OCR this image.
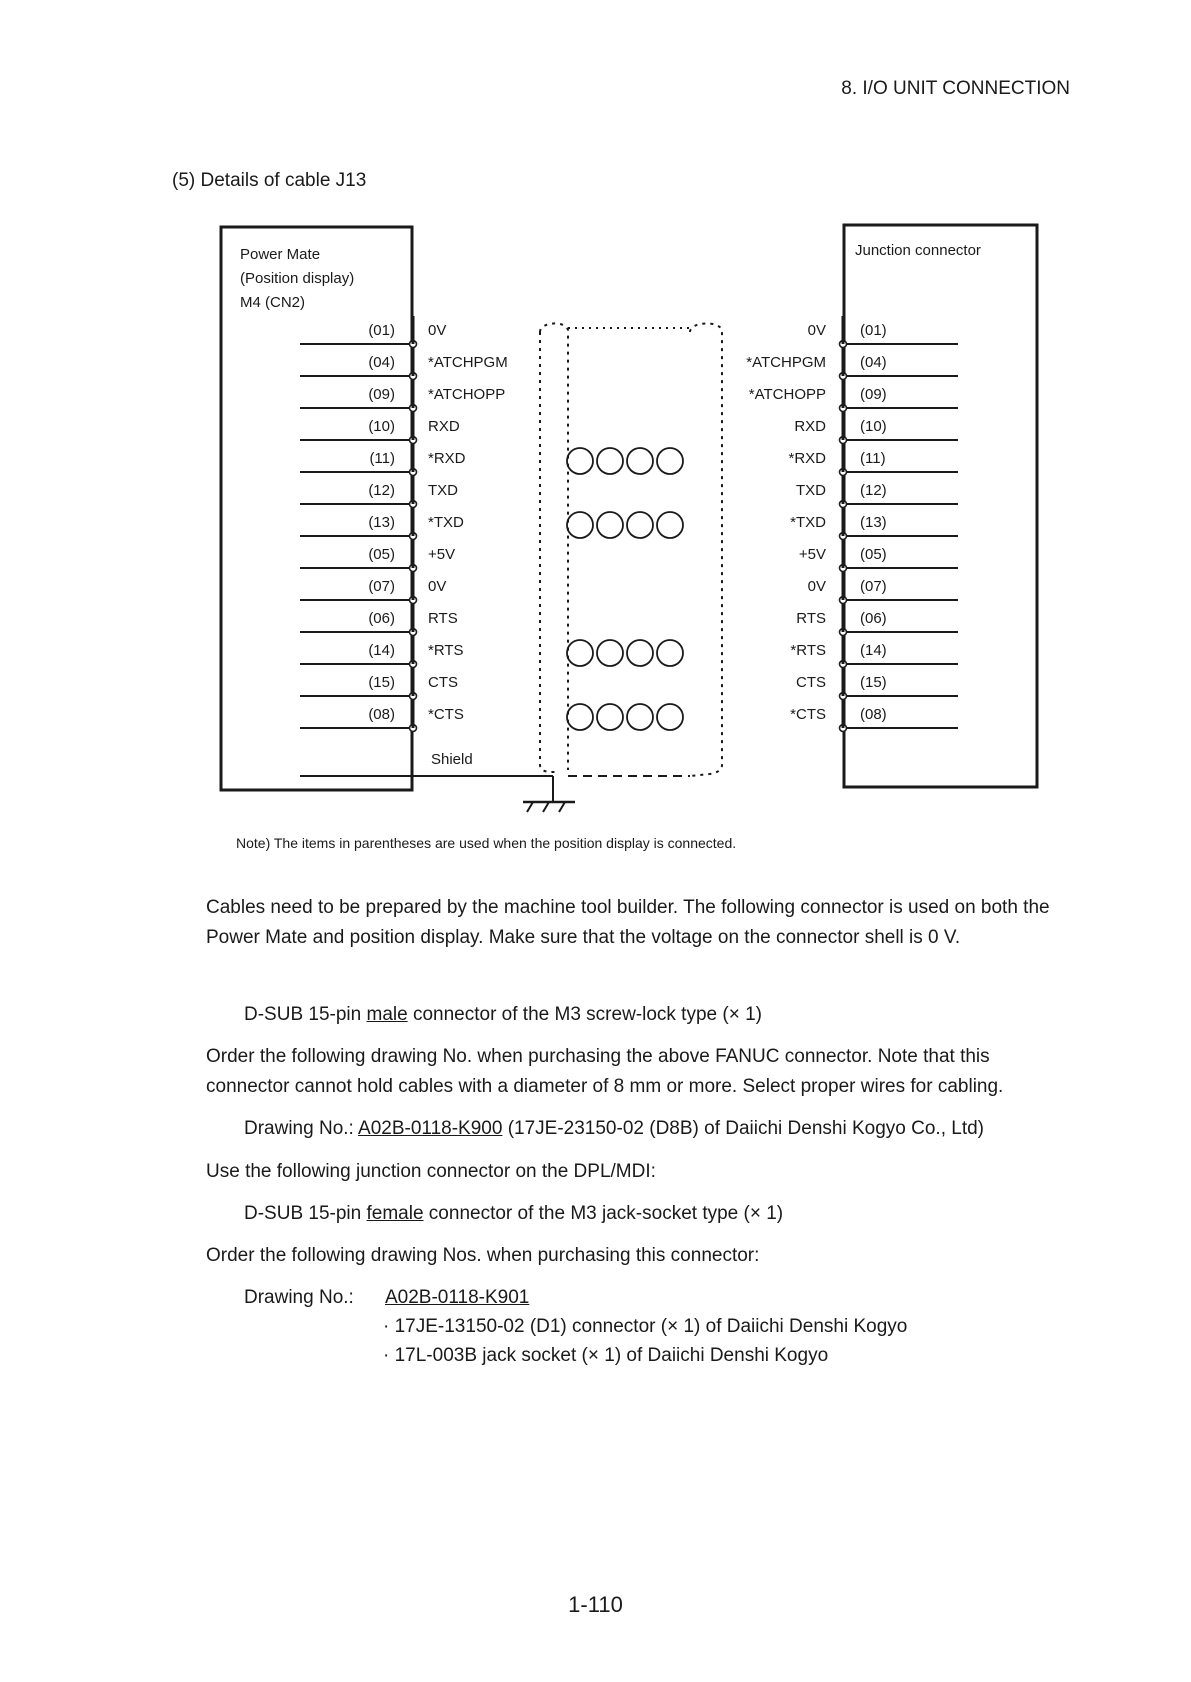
8. I/O UNIT CONNECTION
(5) Details of cable J13
Power Mate
(Position display)
M4 (CN2)
Junction connector
(01) 0V	0V (01)
(04) *ATCHPGM	*ATCHPGM (04)
(09) *ATCHOPP	*ATCHOPP (09)
(10) RXD	RXD (10)
(11) *RXD	*RXD (11)
(12) TXD	TXD (12)
(13) *TXD	*TXD (13)
(05) +5V	+5V (05)
(07) 0V	0V (07)
(06) RTS	RTS (06)
(14) *RTS	*RTS (14)
(15) CTS	CTS (15)
(08) *CTS	*CTS (08)
Shield
Note) The items in parentheses are used when the position display is connected.
Cables need to be prepared by the machine tool builder. The following connector is used on both the Power Mate and position display. Make sure that the voltage on the connector shell is 0 V.
D-SUB 15-pin male connector of the M3 screw-lock type (× 1)
Order the following drawing No. when purchasing the above FANUC connector. Note that this connector cannot hold cables with a diameter of 8 mm or more. Select proper wires for cabling.
Drawing No.: A02B-0118-K900 (17JE-23150-02 (D8B) of Daiichi Denshi Kogyo Co., Ltd)
Use the following junction connector on the DPL/MDI:
D-SUB 15-pin female connector of the M3 jack-socket type (× 1)
Order the following drawing Nos. when purchasing this connector:
Drawing No.: A02B-0118-K901
· 17JE-13150-02 (D1) connector (× 1) of Daiichi Denshi Kogyo
· 17L-003B jack socket (× 1) of Daiichi Denshi Kogyo
1-110
